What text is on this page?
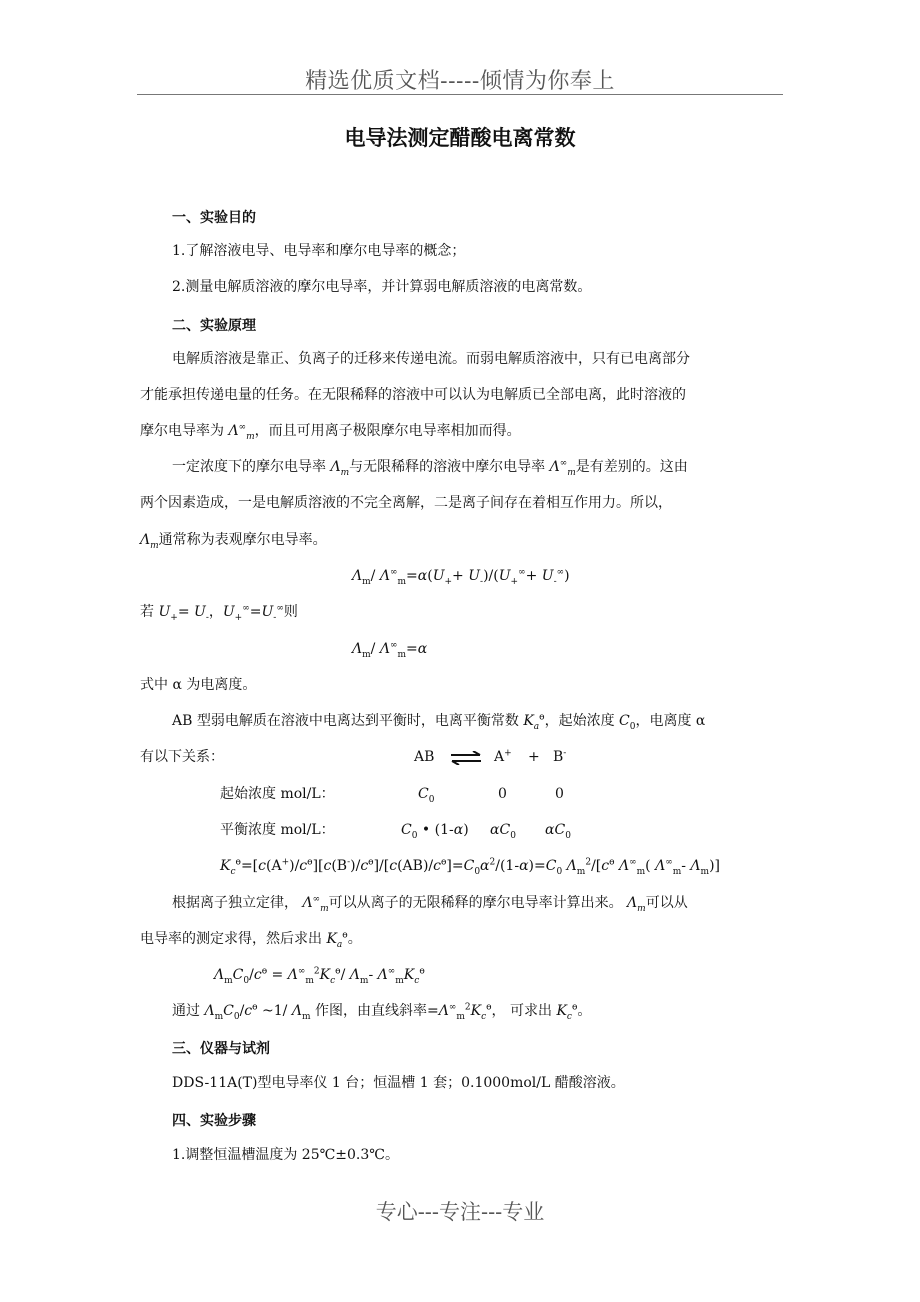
精选优质文档-----倾情为你奉上
电导法测定醋酸电离常数
一、实验目的
1.了解溶液电导、电导率和摩尔电导率的概念；
2.测量电解质溶液的摩尔电导率，并计算弱电解质溶液的电离常数。
二、实验原理
电解质溶液是靠正、负离子的迁移来传递电流。而弱电解质溶液中，只有已电离部分
才能承担传递电量的任务。在无限稀释的溶液中可以认为电解质已全部电离，此时溶液的
摩尔电导率为 $\Lambda^\infty_m$，而且可用离子极限摩尔电导率相加而得。
一定浓度下的摩尔电导率 $\Lambda_m$与无限稀释的溶液中摩尔电导率 $\Lambda^\infty_m$是有差别的。这由
两个因素造成，一是电解质溶液的不完全离解，二是离子间存在着相互作用力。所以，
$\Lambda_m$通常称为表观摩尔电导率。
$\Lambda_m/$ $\Lambda^\infty_m=\alpha(U_++ U_-)/(U_+^\infty+ U_-^\infty)$
若 $U_+= U_-$，$U_+^\infty=U_-^\infty$则
$\Lambda_m/$ $\Lambda^\infty_m=\alpha$
式中 α 为电离度。
AB 型弱电解质在溶液中电离达到平衡时，电离平衡常数 $K_a^ө$，起始浓度 $C_0$，电离度 α
有以下关系：	AB ⇌ A+ + B-
起始浓度 mol/L：	$C_0$	0	0
平衡浓度 mol/L：	$C_0$ • (1-α) $\alpha C_0$ $\alpha C_0$
$K_c^ө=[c(A^+)/c^ө][c(B^-)/c^ө]/[c(AB)/c^ө]=C_0\alpha^2/(1-\alpha)=C_0$ $\Lambda_m^2/[c^ө$ $\Lambda^\infty_m$( $\Lambda^\infty_m-$ $\Lambda_m$)]
根据离子独立定律， $\Lambda^\infty_m$可以从离子的无限稀释的摩尔电导率计算出来。 $\Lambda_m$可以从
电导率的测定求得，然后求出 $K_a^ө$。
$\Lambda_mC_0/c^ө = \Lambda^\infty_m^2K_c^ө/$ $\Lambda_m-$ $\Lambda^\infty_mK_c^ө$
通过 $\Lambda_mC_0/c^ө$ ~1/ $\Lambda_m$ 作图，由直线斜率$=\Lambda^\infty_m^2K_c^ө$， 可求出 $K_c^ө$。
三、仪器与试剂
DDS-11A(T)型电导率仪 1 台；恒温槽 1 套；0.1000mol/L 醋酸溶液。
四、实验步骤
1.调整恒温槽温度为 25℃±0.3℃。
专心---专注---专业
